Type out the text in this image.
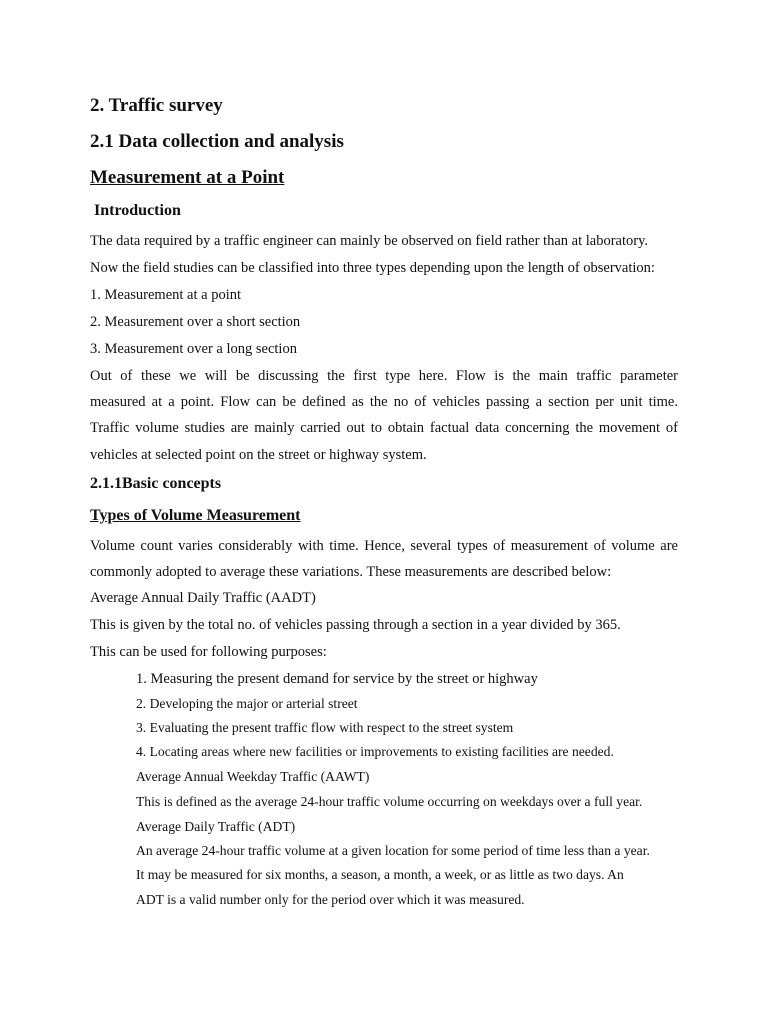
2. Traffic survey

2.1 Data collection and analysis

Measurement at a Point

Introduction

The data required by a traffic engineer can mainly be observed on field rather than at laboratory.

Now the field studies can be classified into three types depending upon the length of observation:

1. Measurement at a point

2. Measurement over a short section

3. Measurement over a long section

Out of these we will be discussing the first type here. Flow is the main traffic parameter

measured at a point. Flow can be defined as the no of vehicles passing a section per unit time.

Traffic volume studies are mainly carried out to obtain factual data concerning the movement of

vehicles at selected point on the street or highway system.

2.1.1Basic concepts

Types of Volume Measurement

Volume count varies considerably with time. Hence, several types of measurement of volume are

commonly adopted to average these variations. These measurements are described below:

Average Annual Daily Traffic (AADT)

This is given by the total no. of vehicles passing through a section in a year divided by 365.

This can be used for following purposes:

1. Measuring the present demand for service by the street or highway

2. Developing the major or arterial street

3. Evaluating the present traffic flow with respect to the street system

4. Locating areas where new facilities or improvements to existing facilities are needed.

Average Annual Weekday Traffic (AAWT)

This is defined as the average 24-hour traffic volume occurring on weekdays over a full year.

Average Daily Traffic (ADT)

An average 24-hour traffic volume at a given location for some period of time less than a year.

It may be measured for six months, a season, a month, a week, or as little as two days. An

ADT is a valid number only for the period over which it was measured.
